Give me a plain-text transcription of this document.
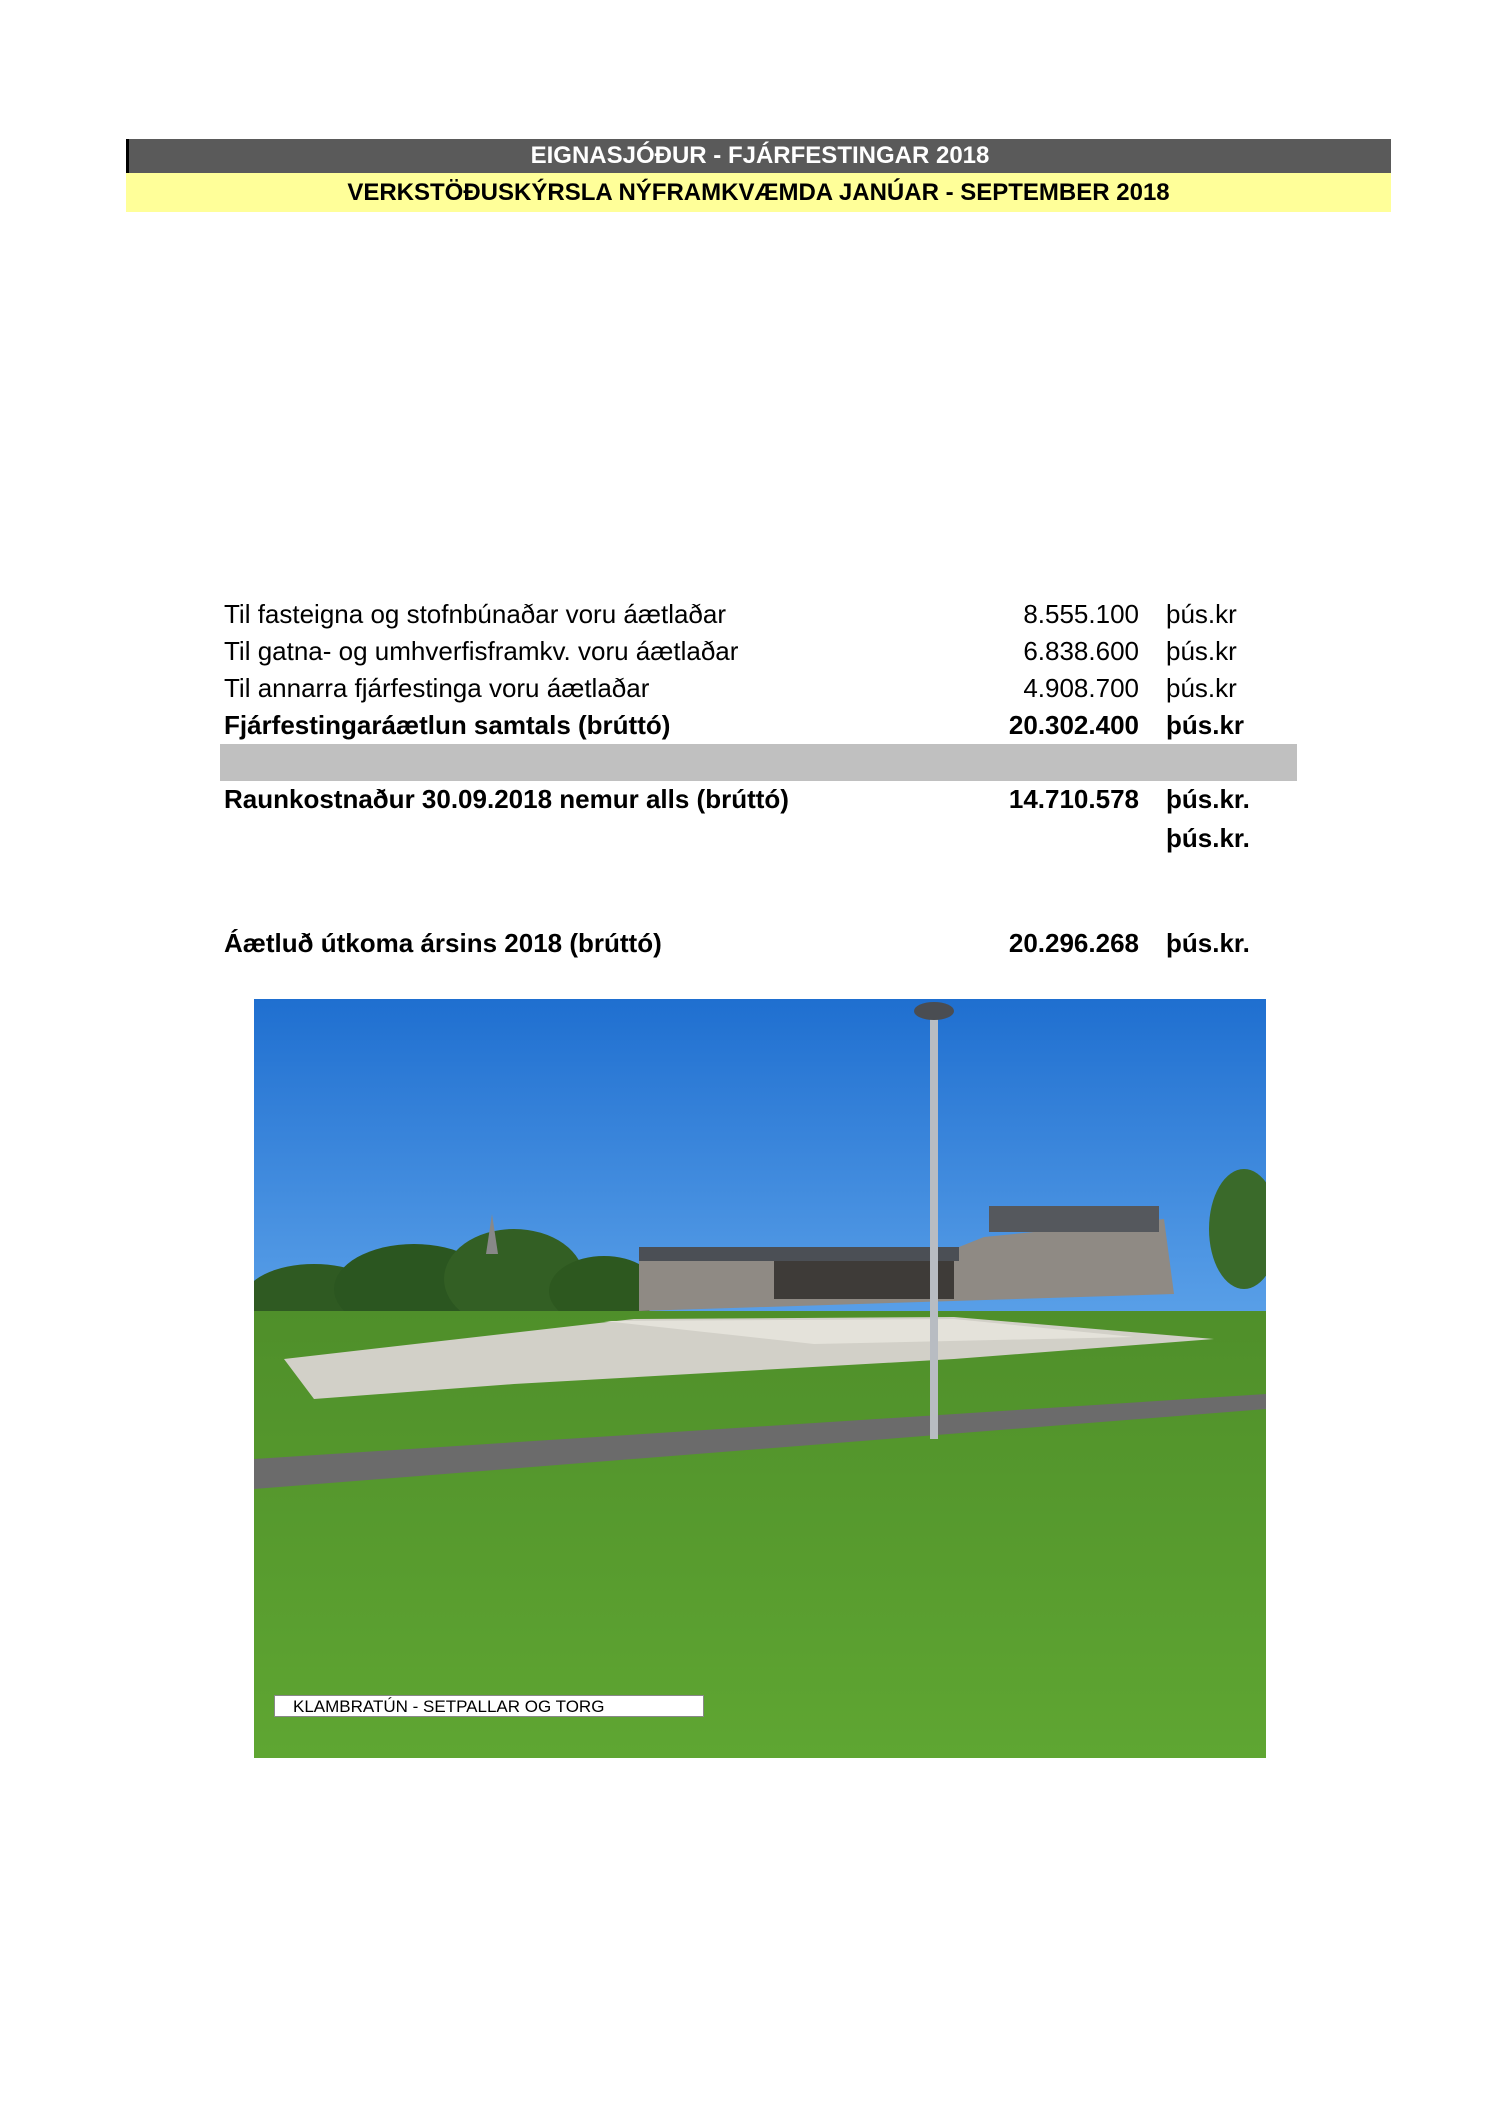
EIGNASJÓÐUR - FJÁRFESTINGAR 2018
VERKSTÖÐUSKÝRSLA NÝFRAMKVÆMDA JANÚAR - SEPTEMBER 2018
Til fasteigna og stofnbúnaðar voru áætlaðar	8.555.100 þús.kr
Til gatna- og umhverfisframkv. voru áætlaðar	6.838.600 þús.kr
Til annarra fjárfestinga voru áætlaðar	4.908.700 þús.kr
Fjárfestingaráætlun samtals (brúttó)	20.302.400 þús.kr
Raunkostnaður 30.09.2018 nemur alls (brúttó)	14.710.578 þús.kr.
þús.kr.
Áætluð útkoma ársins 2018 (brúttó)	20.296.268 þús.kr.
KLAMBRATÚN - SETPALLAR OG TORG
